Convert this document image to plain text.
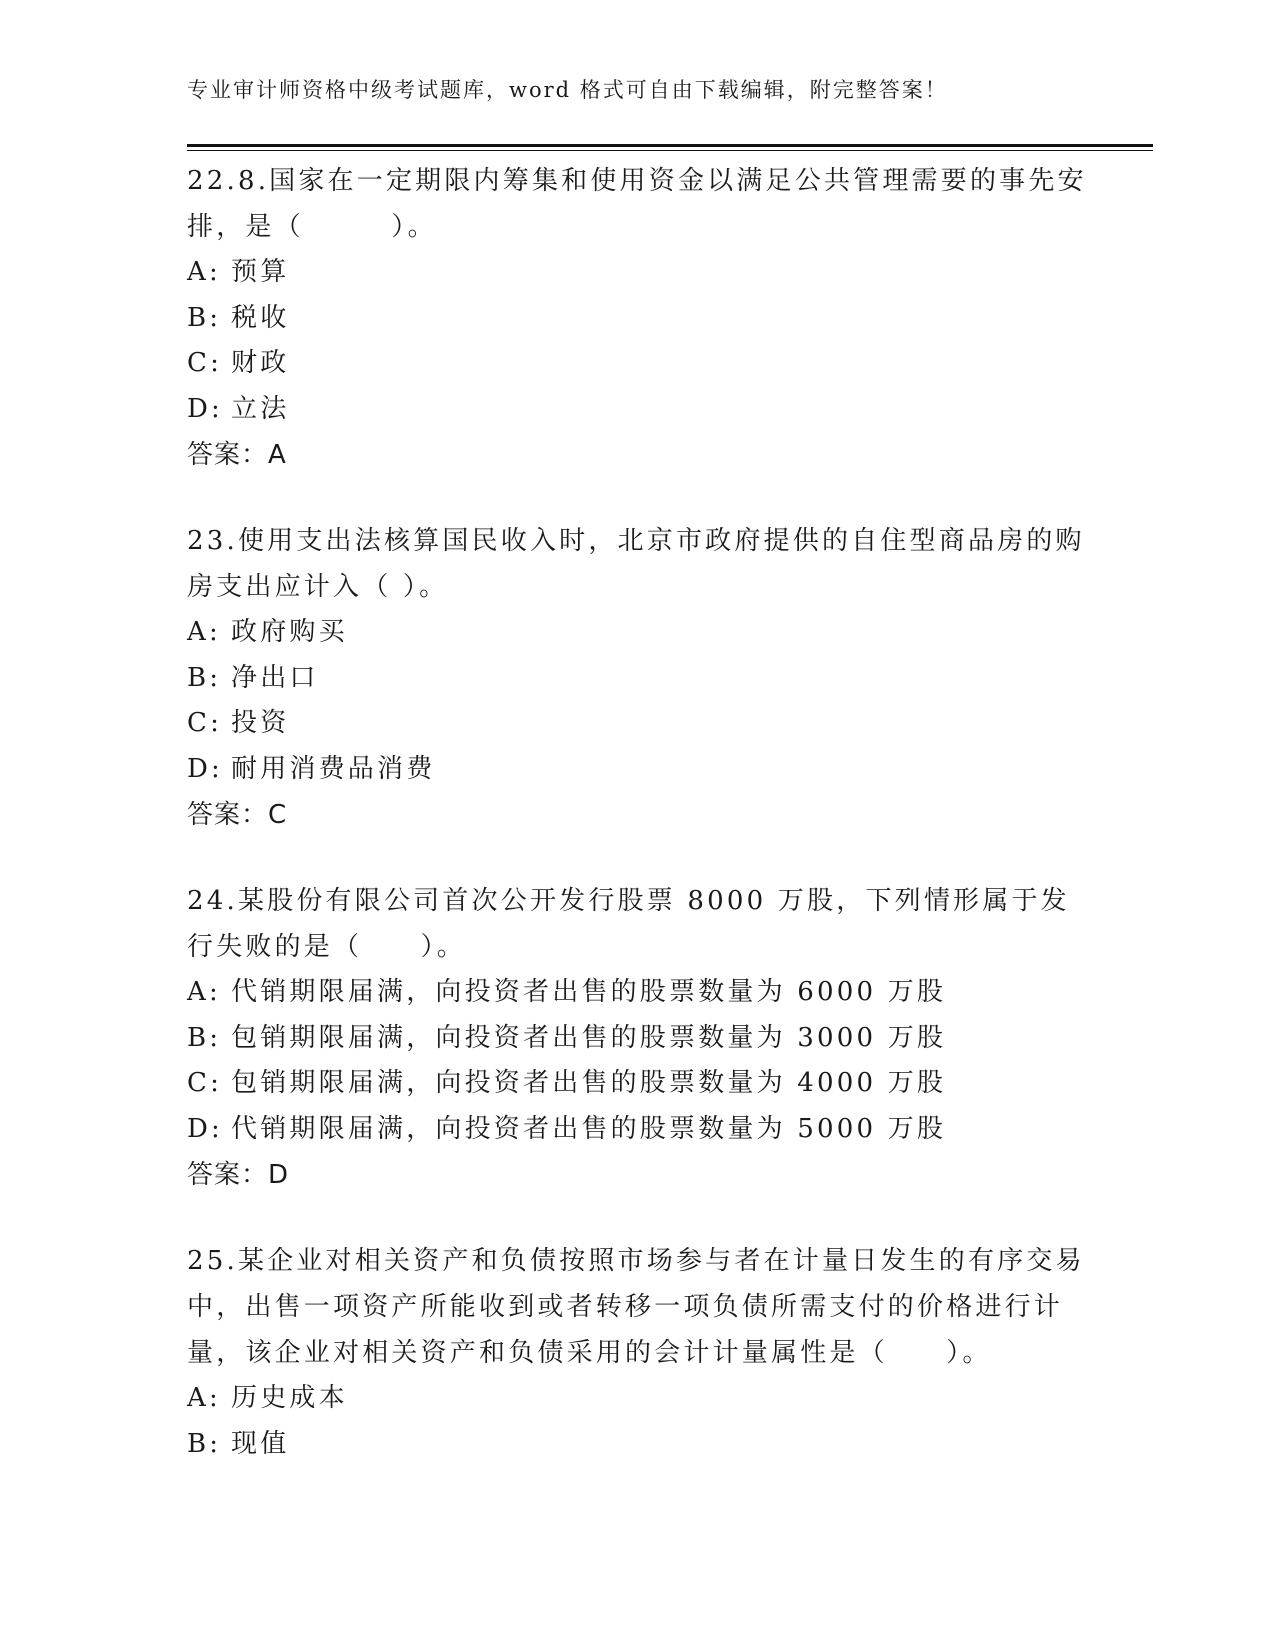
专业审计师资格中级考试题库，word 格式可自由下载编辑，附完整答案！

22.8.国家在一定期限内筹集和使用资金以满足公共管理需要的事先安排，是（　　　）。

A: 预算
B: 税收
C: 财政
D: 立法
答案：A

23.使用支出法核算国民收入时，北京市政府提供的自住型商品房的购房支出应计入（ ）。

A: 政府购买
B: 净出口
C: 投资
D: 耐用消费品消费
答案：C

24.某股份有限公司首次公开发行股票 8000 万股，下列情形属于发行失败的是（　　）。

A: 代销期限届满，向投资者出售的股票数量为 6000 万股
B: 包销期限届满，向投资者出售的股票数量为 3000 万股
C: 包销期限届满，向投资者出售的股票数量为 4000 万股
D: 代销期限届满，向投资者出售的股票数量为 5000 万股
答案：D

25.某企业对相关资产和负债按照市场参与者在计量日发生的有序交易中，出售一项资产所能收到或者转移一项负债所需支付的价格进行计量，该企业对相关资产和负债采用的会计计量属性是（　　）。

A: 历史成本
B: 现值
